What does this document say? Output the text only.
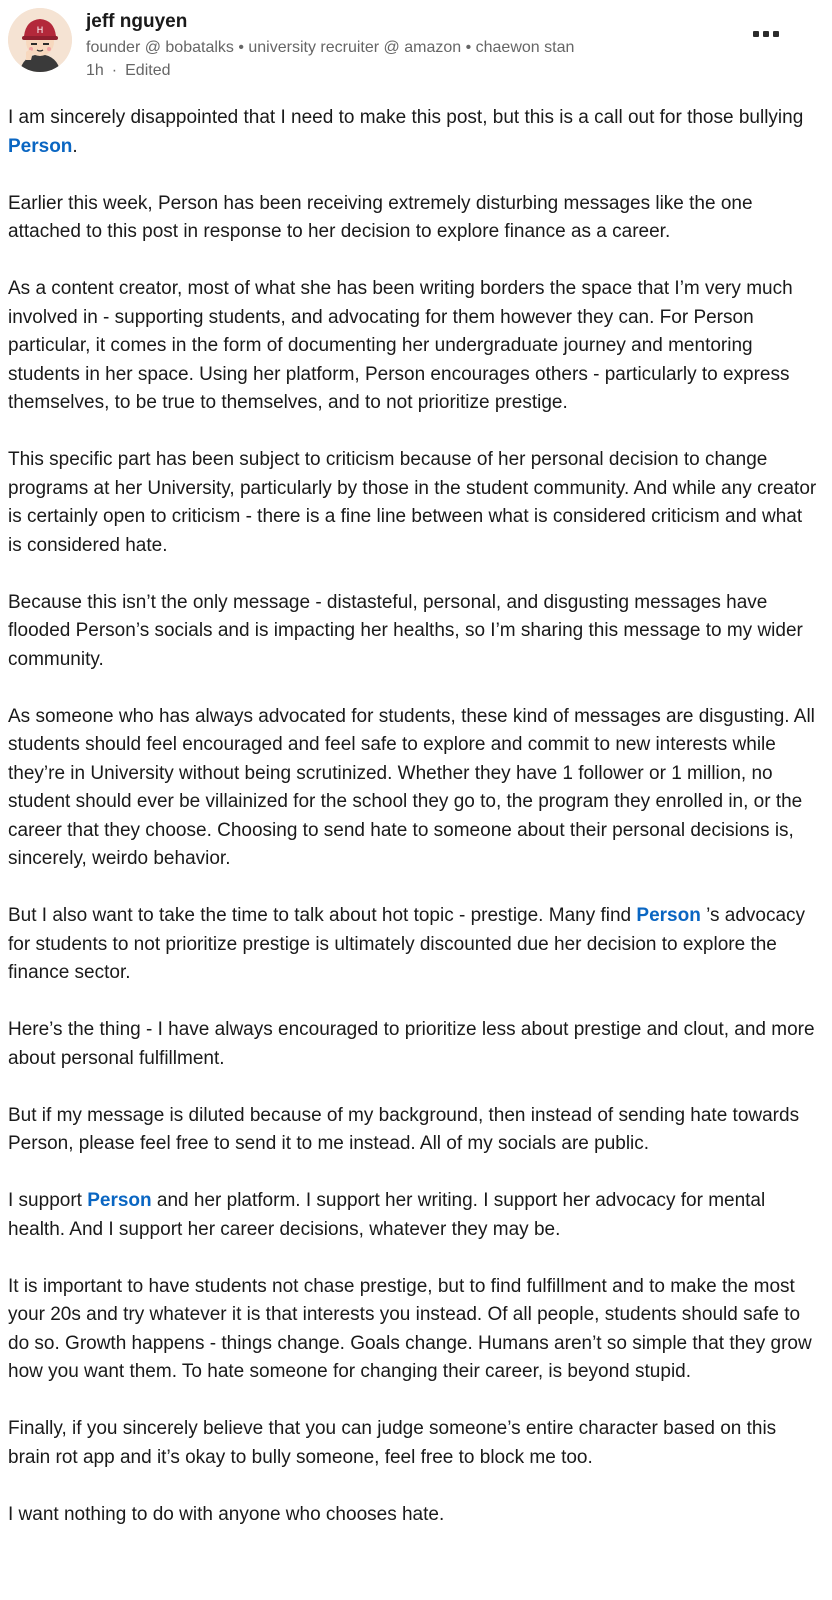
H jeff nguyen
founder @ bobatalks • university recruiter @ amazon • chaewon stan
1h · Edited

I am sincerely disappointed that I need to make this post, but this is a call out for those bullying Person.

Earlier this week, Person has been receiving extremely disturbing messages like the one attached to this post in response to her decision to explore finance as a career.

As a content creator, most of what she has been writing borders the space that I’m very much involved in - supporting students, and advocating for them however they can. For Person particular, it comes in the form of documenting her undergraduate journey and mentoring students in her space. Using her platform, Person encourages others - particularly to express themselves, to be true to themselves, and to not prioritize prestige.

This specific part has been subject to criticism because of her personal decision to change programs at her University, particularly by those in the student community. And while any creator is certainly open to criticism - there is a fine line between what is considered criticism and what is considered hate.

Because this isn’t the only message - distasteful, personal, and disgusting messages have flooded Person’s socials and is impacting her healths, so I’m sharing this message to my wider community.

As someone who has always advocated for students, these kind of messages are disgusting. All students should feel encouraged and feel safe to explore and commit to new interests while they’re in University without being scrutinized. Whether they have 1 follower or 1 million, no student should ever be villainized for the school they go to, the program they enrolled in, or the career that they choose. Choosing to send hate to someone about their personal decisions is, sincerely, weirdo behavior.

But I also want to take the time to talk about hot topic - prestige. Many find Person ’s advocacy for students to not prioritize prestige is ultimately discounted due her decision to explore the finance sector.

Here’s the thing - I have always encouraged to prioritize less about prestige and clout, and more about personal fulfillment.

But if my message is diluted because of my background, then instead of sending hate towards Person, please feel free to send it to me instead. All of my socials are public.

I support Person and her platform. I support her writing. I support her advocacy for mental health. And I support her career decisions, whatever they may be.

It is important to have students not chase prestige, but to find fulfillment and to make the most your 20s and try whatever it is that interests you instead. Of all people, students should safe to do so. Growth happens - things change. Goals change. Humans aren’t so simple that they grow how you want them. To hate someone for changing their career, is beyond stupid.

Finally, if you sincerely believe that you can judge someone’s entire character based on this brain rot app and it’s okay to bully someone, feel free to block me too.

I want nothing to do with anyone who chooses hate.
